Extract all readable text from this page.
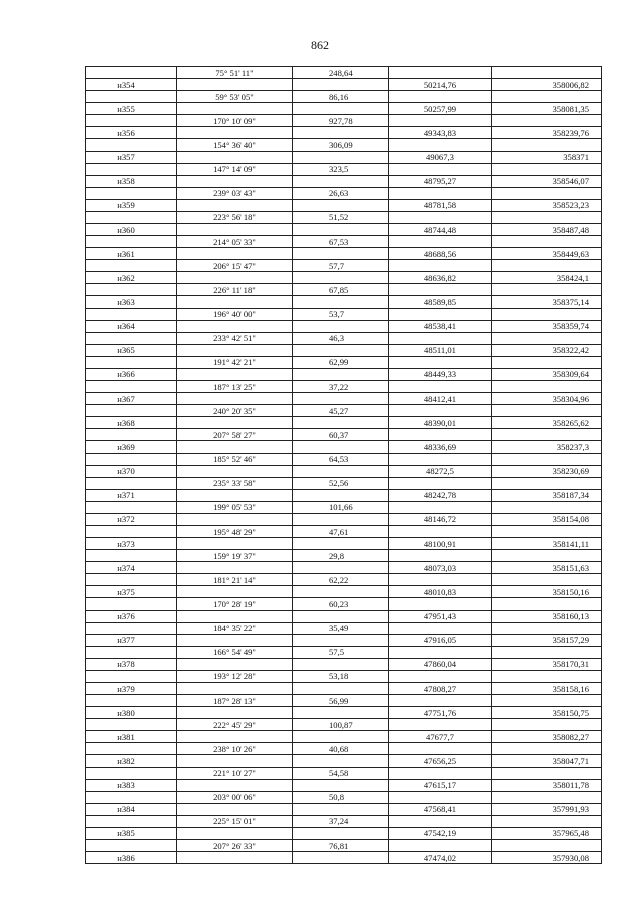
862
	75° 51' 11"	248,64		
н354			50214,76	358006,82
	59° 53' 05"	86,16		
н355			50257,99	358081,35
	170° 10' 09"	927,78		
н356			49343,83	358239,76
	154° 36' 40"	306,09		
н357			49067,3	358371
	147° 14' 09"	323,5		
н358			48795,27	358546,07
	239° 03' 43"	26,63		
н359			48781,58	358523,23
	223° 56' 18"	51,52		
н360			48744,48	358487,48
	214° 05' 33"	67,53		
н361			48688,56	358449,63
	206° 15' 47"	57,7		
н362			48636,82	358424,1
	226° 11' 18"	67,85		
н363			48589,85	358375,14
	196° 40' 00"	53,7		
н364			48538,41	358359,74
	233° 42' 51"	46,3		
н365			48511,01	358322,42
	191° 42' 21"	62,99		
н366			48449,33	358309,64
	187° 13' 25"	37,22		
н367			48412,41	358304,96
	240° 20' 35"	45,27		
н368			48390,01	358265,62
	207° 58' 27"	60,37		
н369			48336,69	358237,3
	185° 52' 46"	64,53		
н370			48272,5	358230,69
	235° 33' 58"	52,56		
н371			48242,78	358187,34
	199° 05' 53"	101,66		
н372			48146,72	358154,08
	195° 48' 29"	47,61		
н373			48100,91	358141,11
	159° 19' 37"	29,8		
н374			48073,03	358151,63
	181° 21' 14"	62,22		
н375			48010,83	358150,16
	170° 28' 19"	60,23		
н376			47951,43	358160,13
	184° 35' 22"	35,49		
н377			47916,05	358157,29
	166° 54' 49"	57,5		
н378			47860,04	358170,31
	193° 12' 28"	53,18		
н379			47808,27	358158,16
	187° 28' 13"	56,99		
н380			47751,76	358150,75
	222° 45' 29"	100,87		
н381			47677,7	358082,27
	238° 10' 26"	40,68		
н382			47656,25	358047,71
	221° 10' 27"	54,58		
н383			47615,17	358011,78
	203° 00' 06"	50,8		
н384			47568,41	357991,93
	225° 15' 01"	37,24		
н385			47542,19	357965,48
	207° 26' 33"	76,81		
н386			47474,02	357930,08
